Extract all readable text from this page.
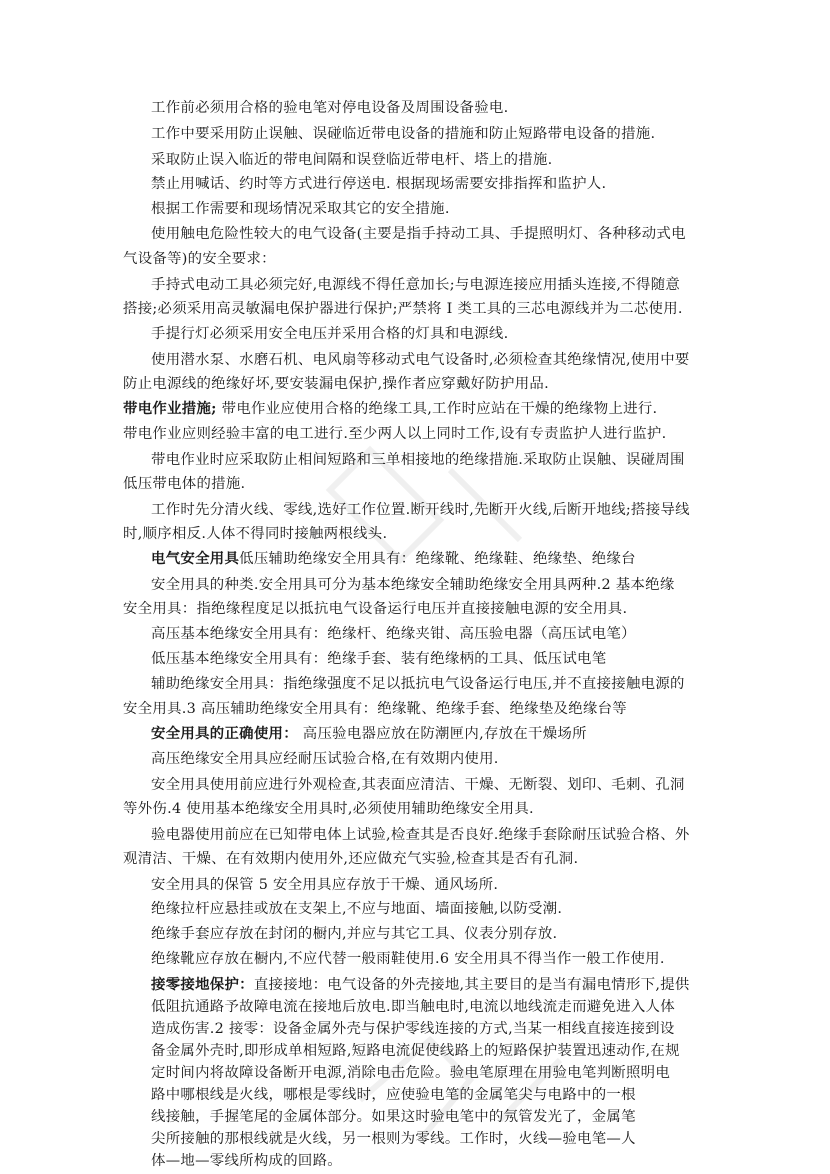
工作前必须用合格的验电笔对停电设备及周围设备验电.
工作中要采用防止误触、误碰临近带电设备的措施和防止短路带电设备的措施.
采取防止误入临近的带电间隔和误登临近带电杆、塔上的措施.
禁止用喊话、约时等方式进行停送电. 根据现场需要安排指挥和监护人.
根据工作需要和现场情况采取其它的安全措施.
使用触电危险性较大的电气设备(主要是指手持动工具、手提照明灯、各种移动式电
气设备等)的安全要求：
手持式电动工具必须完好,电源线不得任意加长;与电源连接应用插头连接,不得随意
搭接;必须采用高灵敏漏电保护器进行保护;严禁将 I 类工具的三芯电源线并为二芯使用.
手提行灯必须采用安全电压并采用合格的灯具和电源线.
使用潜水泵、水磨石机、电风扇等移动式电气设备时,必须检查其绝缘情况,使用中要
防止电源线的绝缘好坏,要安装漏电保护,操作者应穿戴好防护用品.
带电作业措施; 带电作业应使用合格的绝缘工具,工作时应站在干燥的绝缘物上进行.
带电作业应则经验丰富的电工进行.至少两人以上同时工作,设有专责监护人进行监护.
带电作业时应采取防止相间短路和三单相接地的绝缘措施.采取防止误触、误碰周围
低压带电体的措施.
工作时先分清火线、零线,选好工作位置.断开线时,先断开火线,后断开地线;搭接导线
时,顺序相反.人体不得同时接触两根线头.
电气安全用具低压辅助绝缘安全用具有：绝缘靴、绝缘鞋、绝缘垫、绝缘台
安全用具的种类.安全用具可分为基本绝缘安全辅助绝缘安全用具两种.2 基本绝缘
安全用具：指绝缘程度足以抵抗电气设备运行电压并直接接触电源的安全用具.
高压基本绝缘安全用具有：绝缘杆、绝缘夹钳、高压验电器（高压试电笔）
低压基本绝缘安全用具有：绝缘手套、装有绝缘柄的工具、低压试电笔
辅助绝缘安全用具：指绝缘强度不足以抵抗电气设备运行电压,并不直接接触电源的
安全用具.3 高压辅助绝缘安全用具有：绝缘靴、绝缘手套、绝缘垫及绝缘台等
安全用具的正确使用： 高压验电器应放在防潮匣内,存放在干燥场所
高压绝缘安全用具应经耐压试验合格,在有效期内使用.
安全用具使用前应进行外观检查,其表面应清洁、干燥、无断裂、划印、毛刺、孔洞
等外伤.4 使用基本绝缘安全用具时,必须使用辅助绝缘安全用具.
验电器使用前应在已知带电体上试验,检查其是否良好.绝缘手套除耐压试验合格、外
观清洁、干燥、在有效期内使用外,还应做充气实验,检查其是否有孔洞.
安全用具的保管 5 安全用具应存放于干燥、通风场所.
绝缘拉杆应悬挂或放在支架上,不应与地面、墙面接触,以防受潮.
绝缘手套应存放在封闭的橱内,并应与其它工具、仪表分别存放.
绝缘靴应存放在橱内,不应代替一般雨鞋使用.6 安全用具不得当作一般工作使用.
接零接地保护：直接接地：电气设备的外壳接地,其主要目的是当有漏电情形下,提供
低阻抗通路予故障电流在接地后放电.即当触电时,电流以地线流走而避免进入人体
造成伤害.2 接零：设备金属外壳与保护零线连接的方式,当某一相线直接连接到设
备金属外壳时,即形成单相短路,短路电流促使线路上的短路保护装置迅速动作,在规
定时间内将故障设备断开电源,消除电击危险。验电笔原理在用验电笔判断照明电
路中哪根线是火线，哪根是零线时，应使验电笔的金属笔尖与电路中的一根
线接触，手握笔尾的金属体部分。如果这时验电笔中的氖管发光了，金属笔
尖所接触的那根线就是火线，另一根则为零线。工作时，火线—验电笔—人
体—地—零线所构成的回路。
